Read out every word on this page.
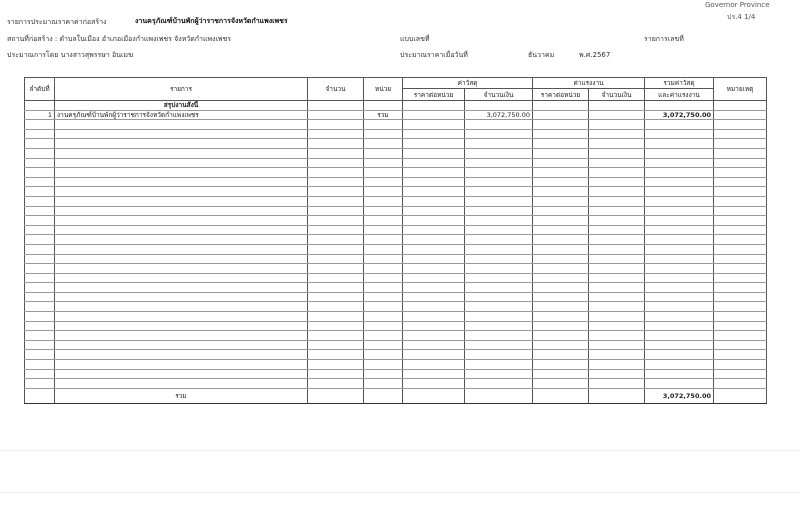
Governor Province
ปร.4 1/4
รายการประมาณราคาค่าก่อสร้าง	งานครุภัณฑ์บ้านพักผู้ว่าราชการจังหวัดกำแพงเพชร
สถานที่ก่อสร้าง : ตำบลในเมือง อำเภอเมืองกำแพงเพชร จังหวัดกำแพงเพชร	แบบเลขที่	รายการเลขที่
ประมาณการโดย นางสาวสุพรรษา อินเมฆ	ประมาณราคาเมื่อวันที่	ธันวาคม	พ.ศ.2567
ลำดับที่	รายการ	จำนวน	หน่วย	ค่าวัสดุ		ค่าแรงงาน		รวมค่าวัสดุ	หมายเหตุ
				ราคาต่อหน่วย	จำนวนเงิน	ราคาต่อหน่วย	จำนวนเงิน	และค่าแรงงาน	
	สรุปงานสั่งนี้								
1	งานครุภัณฑ์บ้านพักผู้ว่าราชการจังหวัดกำแพงเพชร		รวม		3,072,750.00			3,072,750.00	

	รวม							3,072,750.00	
